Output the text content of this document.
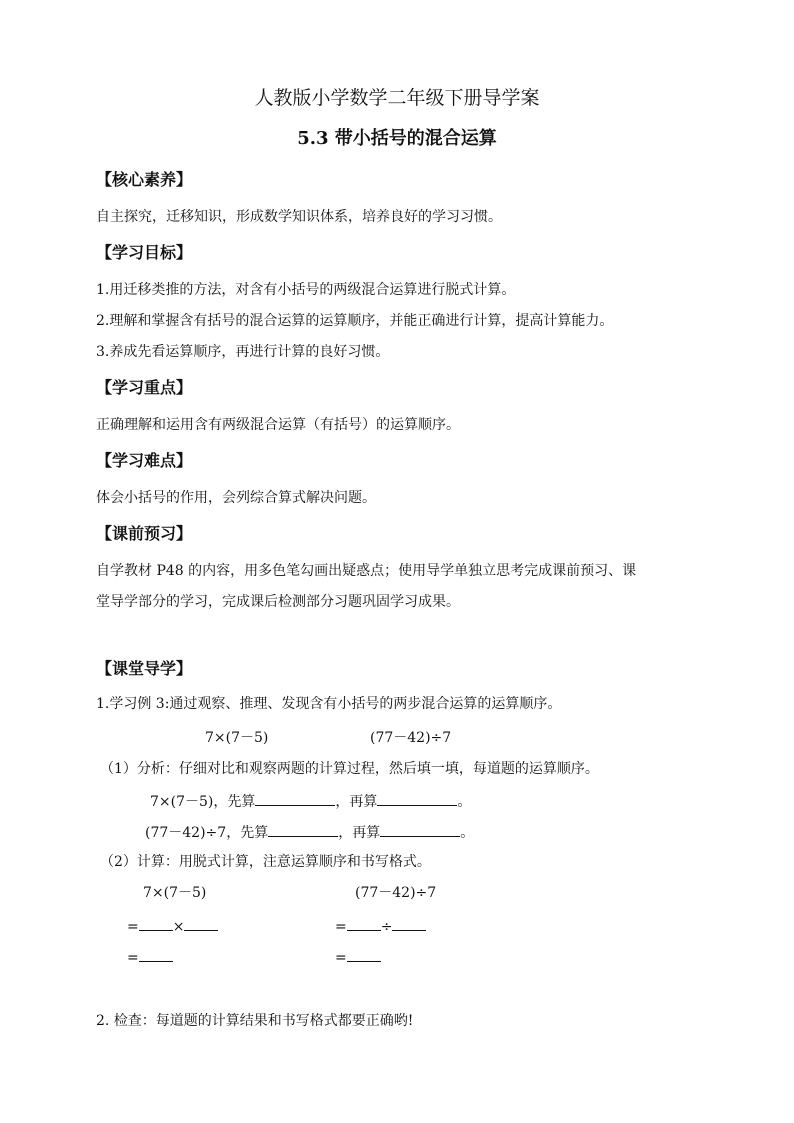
人教版小学数学二年级下册导学案
5.3 带小括号的混合运算
【核心素养】
自主探究，迁移知识，形成数学知识体系，培养良好的学习习惯。
【学习目标】
1.用迁移类推的方法，对含有小括号的两级混合运算进行脱式计算。
2.理解和掌握含有括号的混合运算的运算顺序，并能正确进行计算，提高计算能力。
3.养成先看运算顺序，再进行计算的良好习惯。
【学习重点】
正确理解和运用含有两级混合运算（有括号）的运算顺序。
【学习难点】
体会小括号的作用，会列综合算式解决问题。
【课前预习】
自学教材 P48 的内容，用多色笔勾画出疑惑点；使用导学单独立思考完成课前预习、课
堂导学部分的学习，完成课后检测部分习题巩固学习成果。
【课堂导学】
1.学习例 3:通过观察、推理、发现含有小括号的两步混合运算的运算顺序。
7×(7－5)	(77－42)÷7
（1）分析：仔细对比和观察两题的计算过程，然后填一填，每道题的运算顺序。
7×(7－5)，先算	，再算	。
(77－42)÷7，先算	，再算	。
（2）计算：用脱式计算，注意运算顺序和书写格式。
7×(7－5)	(77－42)÷7
= ×	= ÷
=	=
2. 检查：每道题的计算结果和书写格式都要正确哟!
